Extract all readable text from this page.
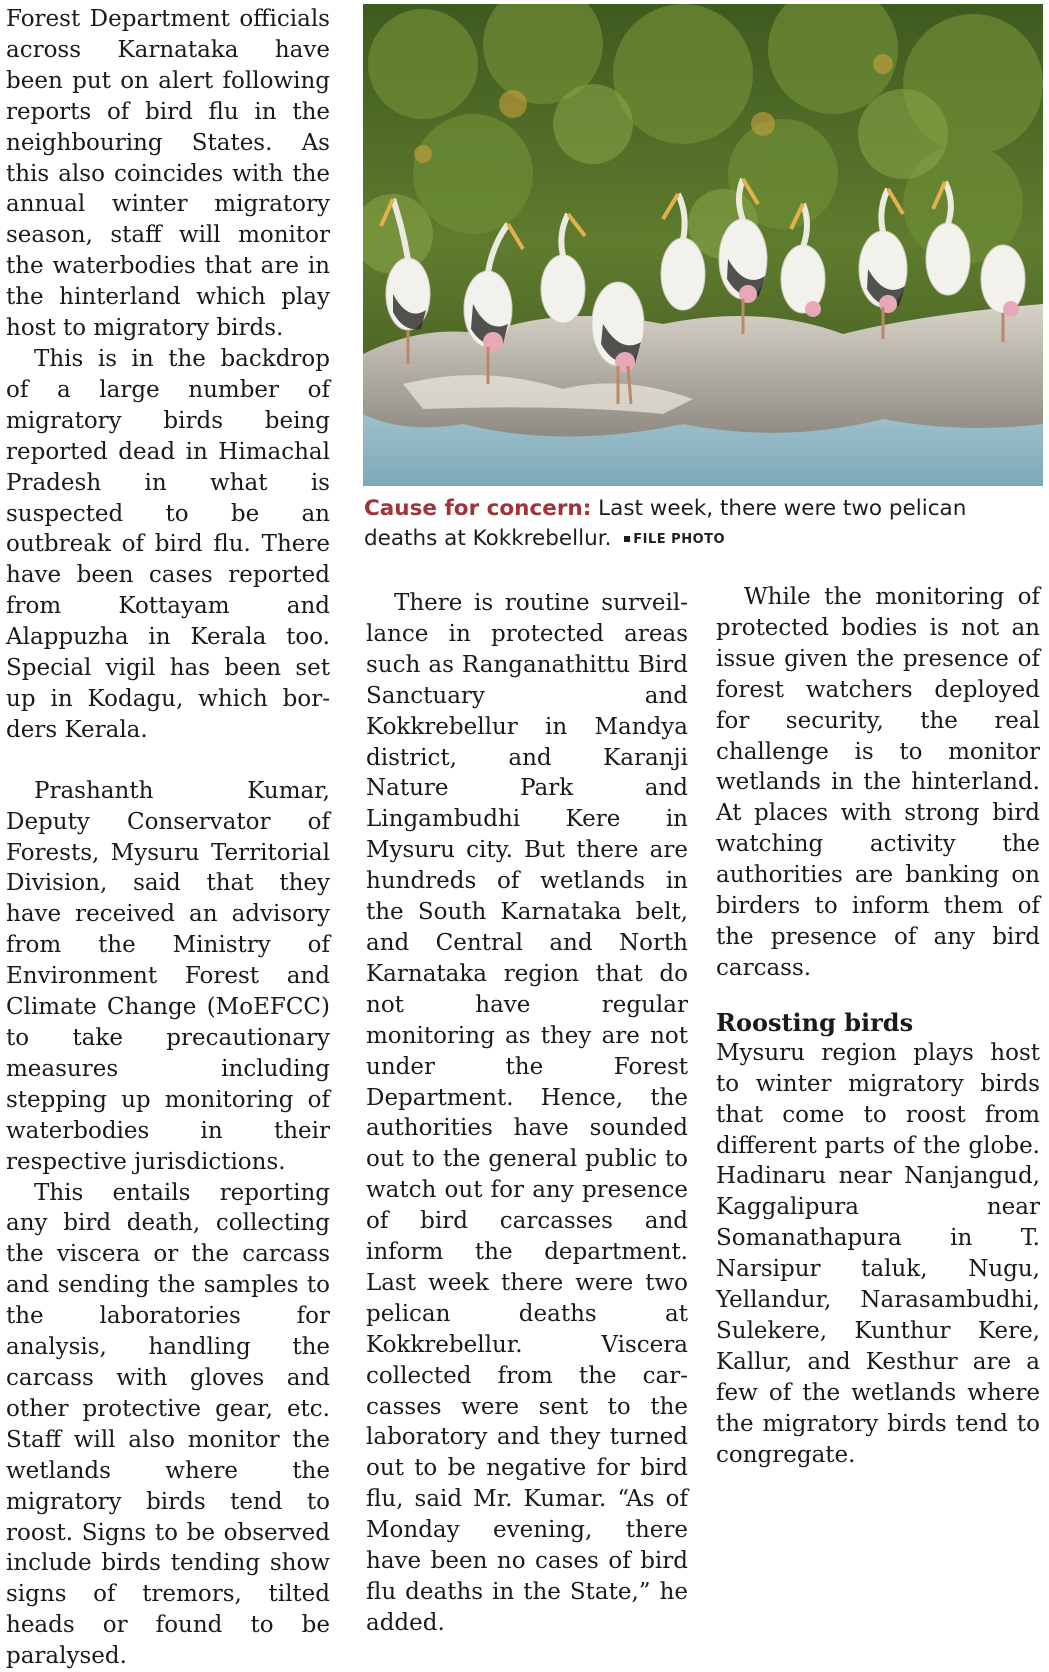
Forest Department officials across Karnataka have been put on alert following reports of bird flu in the neighbouring States. As this also coincides with the annual winter migratory season, staff will monitor the waterbodies that are in the hinterland which play host to migratory birds.

This is in the backdrop of a large number of migratory birds being reported dead in Himachal Pradesh in what is suspected to be an outbreak of bird flu. There have been cases reported from Kottayam and Alappuzha in Kerala too. Special vigil has been set up in Kodagu, which borders Kerala.

Prashanth Kumar, Deputy Conservator of Forests, Mysuru Territorial Division, said that they have received an advisory from the Ministry of Environment Forest and Climate Change (MoEFCC) to take precautionary measures including stepping up monitoring of waterbodies in their respective jurisdictions.

This entails reporting any bird death, collecting the viscera or the carcass and sending the samples to the laboratories for analysis, handling the carcass with gloves and other protective gear, etc. Staff will also monitor the wetlands where the migratory birds tend to roost. Signs to be observed include birds tending show signs of tremors, tilted heads or found to be paralysed.

Cause for concern: Last week, there were two pelican deaths at Kokkrebellur. FILE PHOTO

There is routine surveillance in protected areas such as Ranganathittu Bird Sanctuary and Kokkrebellur in Mandya district, and Karanji Nature Park and Lingambudhi Kere in Mysuru city. But there are hundreds of wetlands in the South Karnataka belt, and Central and North Karnataka region that do not have regular monitoring as they are not under the Forest Department. Hence, the authorities have sounded out to the general public to watch out for any presence of bird carcasses and inform the department. Last week there were two pelican deaths at Kokkrebellur. Viscera collected from the carcasses were sent to the laboratory and they turned out to be negative for bird flu, said Mr. Kumar. “As of Monday evening, there have been no cases of bird flu deaths in the State,” he added.

While the monitoring of protected bodies is not an issue given the presence of forest watchers deployed for security, the real challenge is to monitor wetlands in the hinterland. At places with strong bird watching activity the authorities are banking on birders to inform them of the presence of any bird carcass.

Roosting birds

Mysuru region plays host to winter migratory birds that come to roost from different parts of the globe. Hadinaru near Nanjangud, Kaggalipura near Somanathapura in T. Narsipur taluk, Nugu, Yellandur, Narasambudhi, Sulekere, Kunthur Kere, Kallur, and Kesthur are a few of the wetlands where the migratory birds tend to congregate.
